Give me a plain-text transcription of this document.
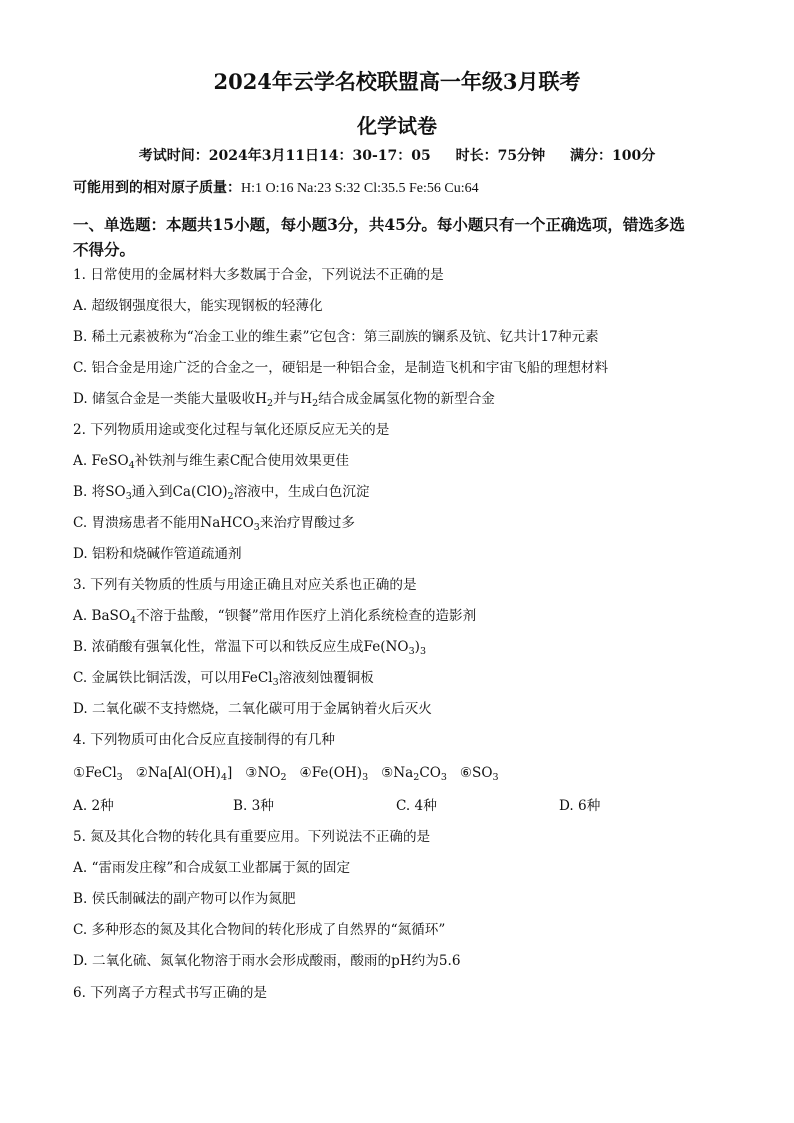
2024年云学名校联盟高一年级3月联考
化学试卷
考试时间：2024年3月11日14：30-17：05 时长：75分钟 满分：100分
可能用到的相对原子质量：H:1 O:16 Na:23 S:32 Cl:35.5 Fe:56 Cu:64
一、单选题：本题共15小题，每小题3分，共45分。每小题只有一个正确选项，错选多选
不得分。
1. 日常使用的金属材料大多数属于合金，下列说法不正确的是
A. 超级钢强度很大，能实现钢板的轻薄化
B. 稀土元素被称为“冶金工业的维生素”它包含：第三副族的镧系及钪、钇共计17种元素
C. 铝合金是用途广泛的合金之一，硬铝是一种铝合金，是制造飞机和宇宙飞船的理想材料
D. 储氢合金是一类能大量吸收$H_2$并与$H_2$结合成金属氢化物的新型合金
2. 下列物质用途或变化过程与氧化还原反应无关的是
A. FeSO$_4$补铁剂与维生素C配合使用效果更佳
B. 将$SO_3$通入到$Ca(ClO)_2$溶液中，生成白色沉淀
C. 胃溃疡患者不能用NaHCO$_3$来治疗胃酸过多
D. 铝粉和烧碱作管道疏通剂
3. 下列有关物质的性质与用途正确且对应关系也正确的是
A. BaSO$_4$不溶于盐酸，“钡餐”常用作医疗上消化系统检查的造影剂
B. 浓硝酸有强氧化性，常温下可以和铁反应生成$Fe(NO_3)_3$
C. 金属铁比铜活泼，可以用FeCl$_3$溶液刻蚀覆铜板
D. 二氧化碳不支持燃烧，二氧化碳可用于金属钠着火后灭火
4. 下列物质可由化合反应直接制得的有几种
①FeCl$_3$ $②Na[Al(OH)_4]$ $③NO_2$ $④Fe(OH)_3$ $⑤Na_2CO_3$ $⑥SO_3$
A. 2种	B. 3种	C. 4种	D. 6种
5. 氮及其化合物的转化具有重要应用。下列说法不正确的是
A. “雷雨发庄稼”和合成氨工业都属于氮的固定
B. 侯氏制碱法的副产物可以作为氮肥
C. 多种形态的氮及其化合物间的转化形成了自然界的“氮循环”
D. 二氧化硫、氮氧化物溶于雨水会形成酸雨，酸雨的pH约为5.6
6. 下列离子方程式书写正确的是
